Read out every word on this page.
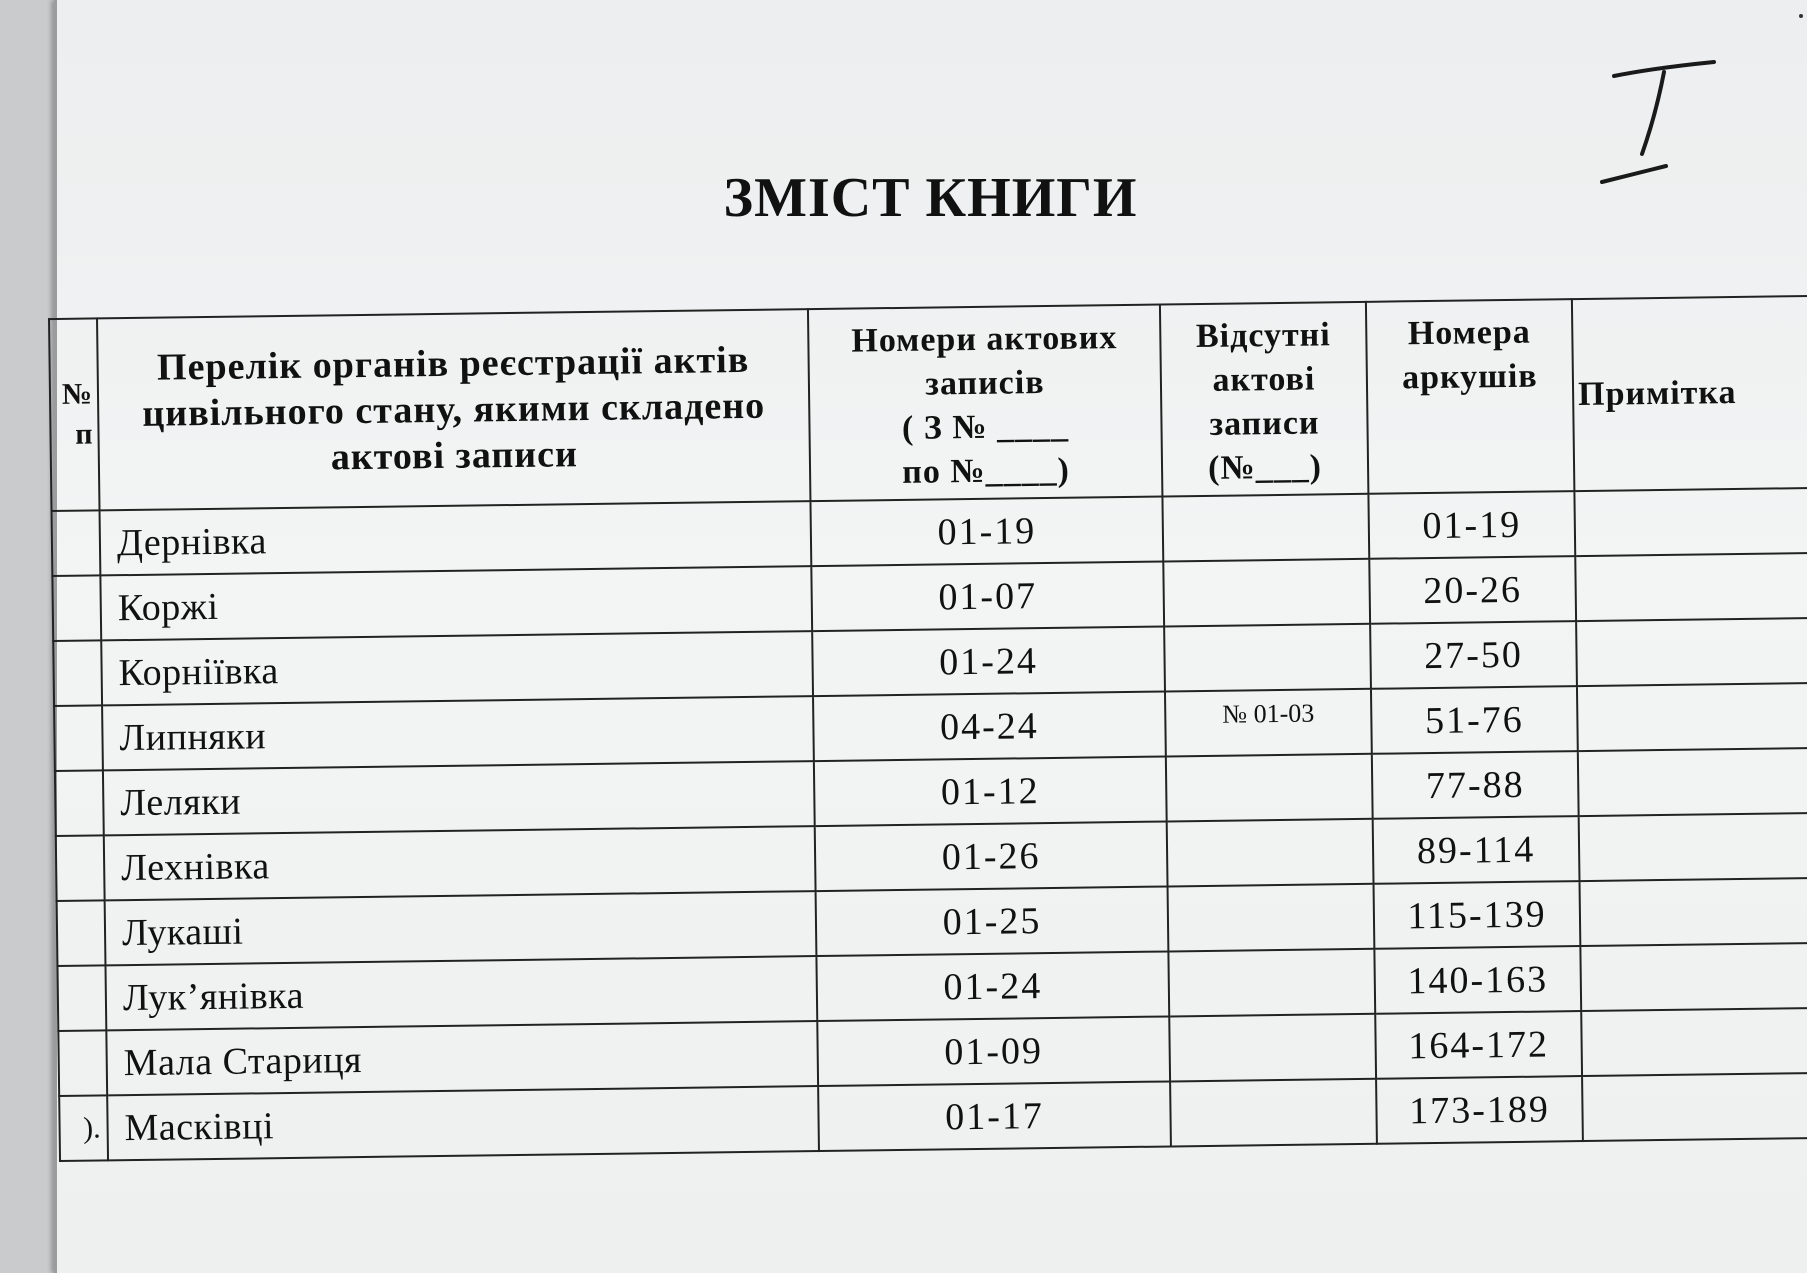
ЗМІСТ КНИГИ
№
п	Перелік органів реєстрації актів цивільного стану, якими складено актові записи	Номери актових записів
( З № ____
по №____)	Відсутні
актові
записи
(№___)	Номера аркушів	Примітка
	Дернівка	01-19		01-19	
	Коржі	01-07		20-26	
	Корніївка	01-24		27-50	
	Липняки	04-24	№ 01-03	51-76	
	Леляки	01-12		77-88	
	Лехнівка	01-26		89-114	
	Лукаші	01-25		115-139	
	Лук’янівка	01-24		140-163	
	Мала Стариця	01-09		164-172	
).	Масківці	01-17		173-189	
